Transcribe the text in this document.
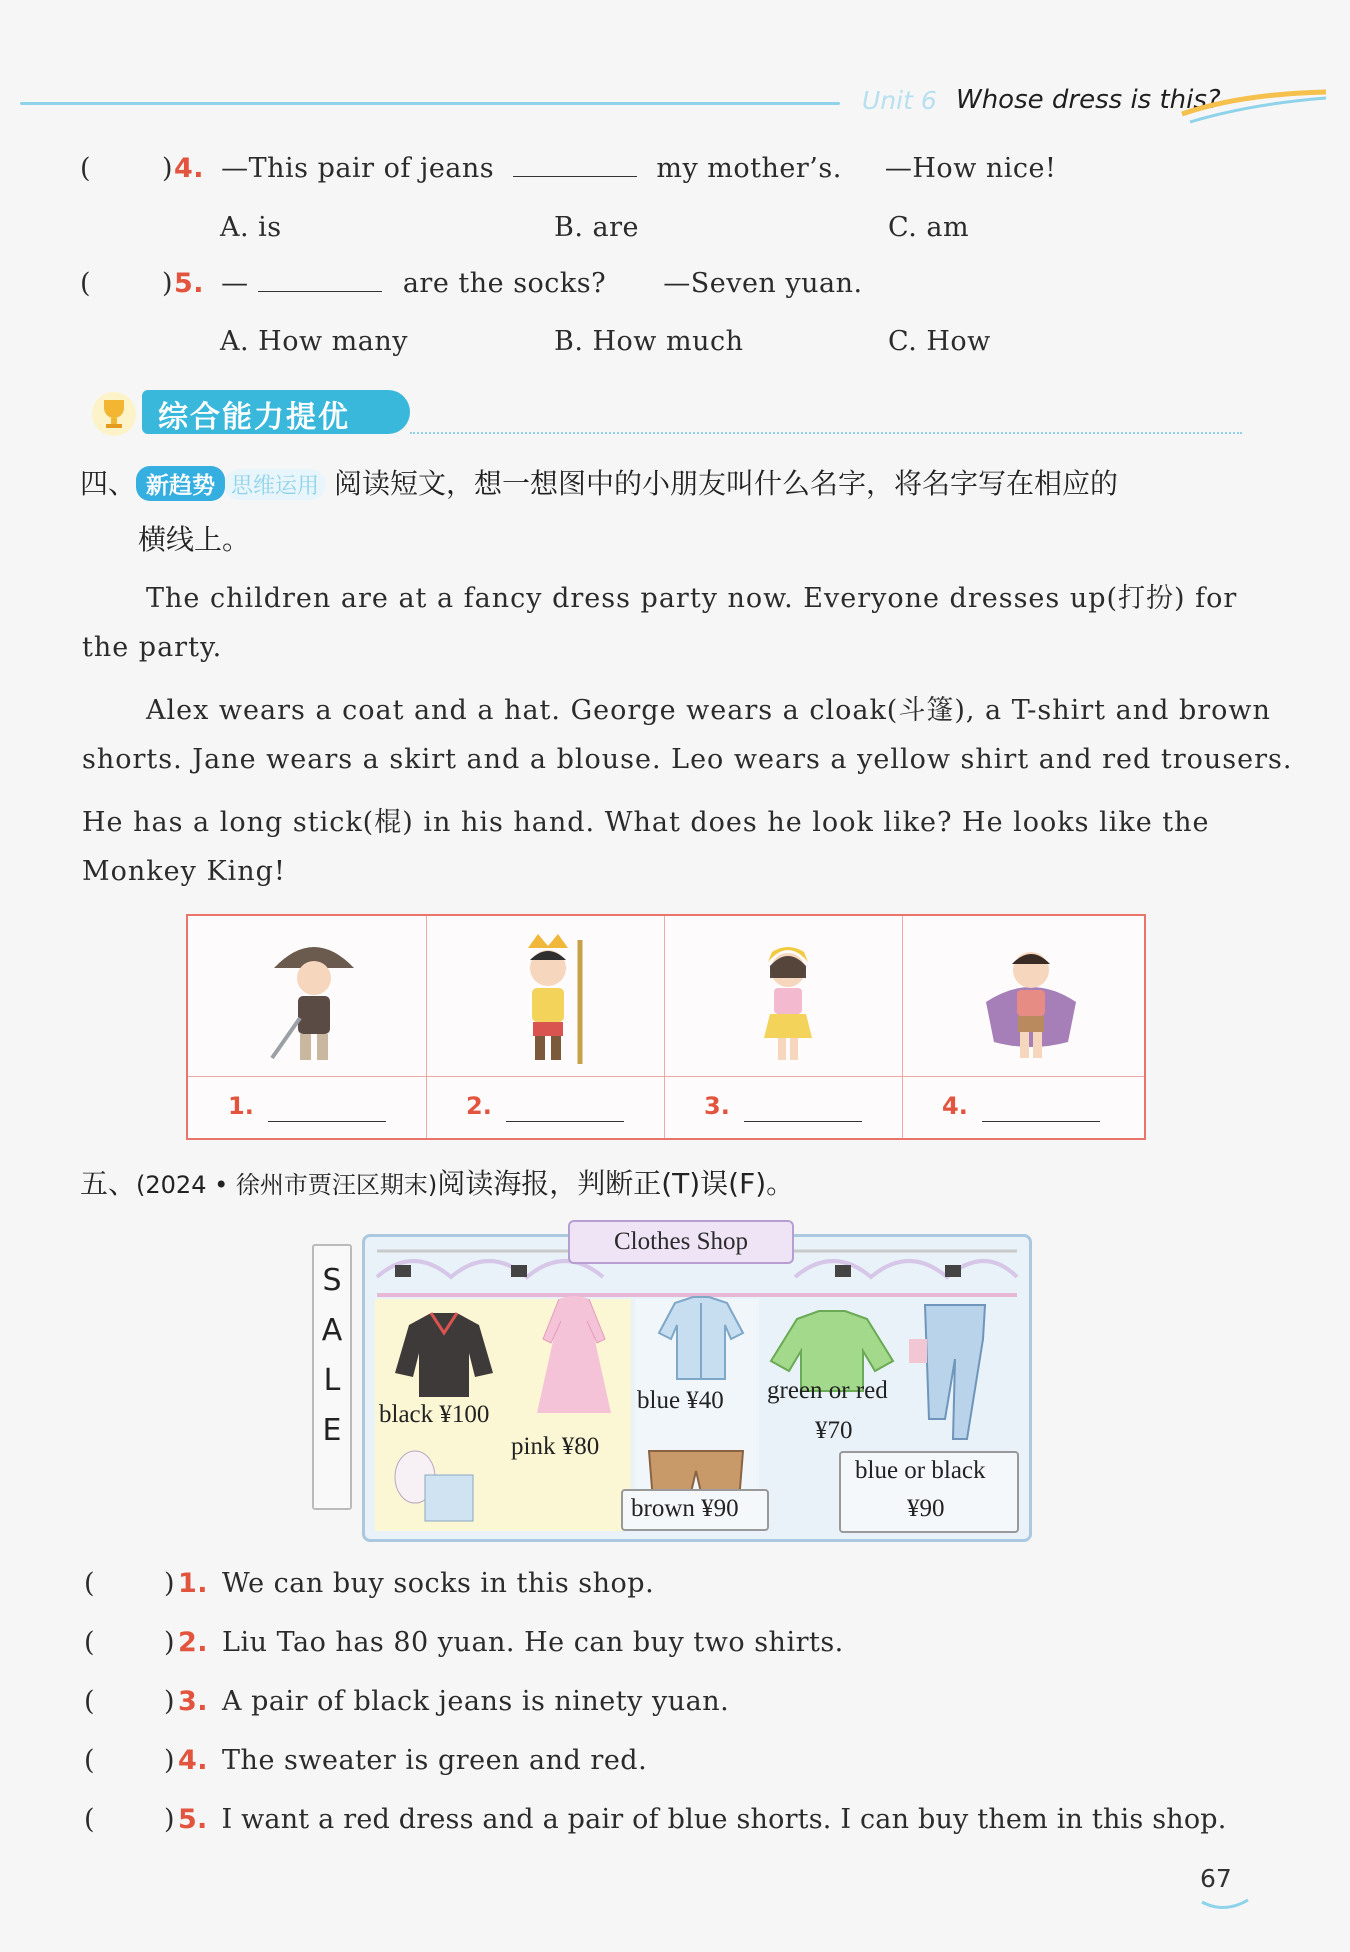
Unit 6 Whose dress is this?
(	) 4. —This pair of jeans	my mother’s. —How nice!
A. is	B. are	C. am
(	) 5. —	are the socks? —Seven yuan.
A. How many	B. How much	C. How
综合能力提优
四、 新趋势 思维运用 阅读短文，想一想图中的小朋友叫什么名字，将名字写在相应的
横线上。
The children are at a fancy dress party now. Everyone dresses up(打扮) for
the party.
Alex wears a coat and a hat. George wears a cloak(斗篷), a T-shirt and brown
shorts. Jane wears a skirt and a blouse. Leo wears a yellow shirt and red trousers.
He has a long stick(棍) in his hand. What does he look like? He looks like the
Monkey King!
1.	2.	3.	4.
五、(2024 • 徐州市贾汪区期末)阅读海报，判断正(T)误(F)。
S
A
L
E	black ¥100
pink ¥80
blue ¥40 green or red
¥70
brown ¥90
blue or black
¥90
Clothes Shop
(	) 1. We can buy socks in this shop.
(	) 2. Liu Tao has 80 yuan. He can buy two shirts.
(	) 3. A pair of black jeans is ninety yuan.
(	) 4. The sweater is green and red.
(	) 5. I want a red dress and a pair of blue shorts. I can buy them in this shop.
67
